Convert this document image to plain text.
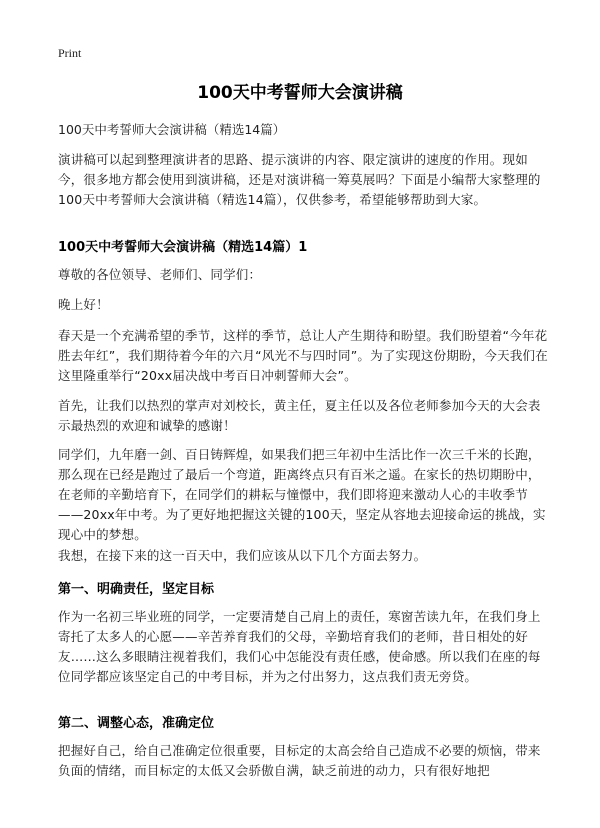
Print
100天中考誓师大会演讲稿
100天中考誓师大会演讲稿（精选14篇）
演讲稿可以起到整理演讲者的思路、提示演讲的内容、限定演讲的速度的作用。现如今，很多地方都会使用到演讲稿，还是对演讲稿一筹莫展吗？下面是小编帮大家整理的100天中考誓师大会演讲稿（精选14篇），仅供参考，希望能够帮助到大家。
100天中考誓师大会演讲稿（精选14篇）1
尊敬的各位领导、老师们、同学们：
晚上好！
春天是一个充满希望的季节，这样的季节，总让人产生期待和盼望。我们盼望着“今年花胜去年红”，我们期待着今年的六月“风光不与四时同”。为了实现这份期盼，今天我们在这里隆重举行“20xx届决战中考百日冲刺誓师大会”。
首先，让我们以热烈的掌声对刘校长，黄主任，夏主任以及各位老师参加今天的大会表示最热烈的欢迎和诚挚的感谢！
同学们，九年磨一剑、百日铸辉煌，如果我们把三年初中生活比作一次三千米的长跑，那么现在已经是跑过了最后一个弯道，距离终点只有百米之遥。在家长的热切期盼中，在老师的辛勤培育下，在同学们的耕耘与憧憬中，我们即将迎来激动人心的丰收季节——20xx年中考。为了更好地把握这关键的100天，坚定从容地去迎接命运的挑战，实现心中的梦想。
我想，在接下来的这一百天中，我们应该从以下几个方面去努力。
第一、明确责任，坚定目标
作为一名初三毕业班的同学，一定要清楚自己肩上的责任，寒窗苦读九年，在我们身上寄托了太多人的心愿——辛苦养育我们的父母，辛勤培育我们的老师，昔日相处的好友……这么多眼睛注视着我们，我们心中怎能没有责任感，使命感。所以我们在座的每位同学都应该坚定自己的中考目标，并为之付出努力，这点我们责无旁贷。
第二、调整心态，准确定位
把握好自己，给自己准确定位很重要，目标定的太高会给自己造成不必要的烦恼，带来负面的情绪，而目标定的太低又会骄傲自满，缺乏前进的动力，只有很好地把
